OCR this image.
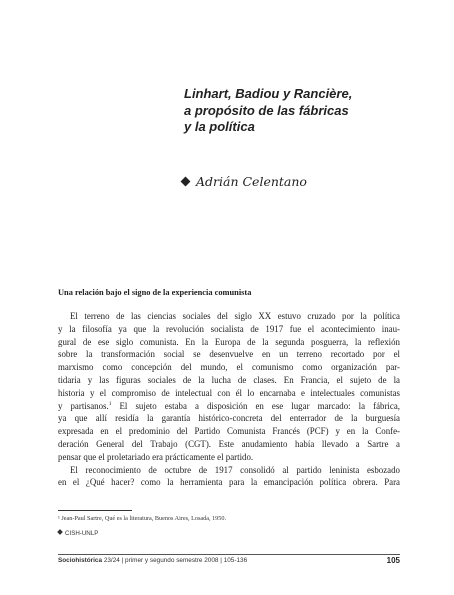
Linhart, Badiou y Rancière,
a propósito de las fábricas
y la política
Adrián Celentano
Una relación bajo el signo de la experiencia comunista
El terreno de las ciencias sociales del siglo XX estuvo cruzado por la política
y la filosofía ya que la revolución socialista de 1917 fue el acontecimiento inau-
gural de ese siglo comunista. En la Europa de la segunda posguerra, la reflexión
sobre la transformación social se desenvuelve en un terreno recortado por el
marxismo como concepción del mundo, el comunismo como organización par-
tidaria y las figuras sociales de la lucha de clases. En Francia, el sujeto de la
historia y el compromiso de intelectual con él lo encarnaba e intelectuales comunistas
y partisanos.$^1$ El sujeto estaba a disposición en ese lugar marcado: la fábrica,
ya que allí residía la garantía histórico-concreta del enterrador de la burguesía
expresada en el predominio del Partido Comunista Francés (PCF) y en la Confe-
deración General del Trabajo (CGT). Este anudamiento había llevado a Sartre a
pensar que el proletariado era prácticamente el partido.
El reconocimiento de octubre de 1917 consolidó al partido leninista esbozado
en el ¿Qué hacer? como la herramienta para la emancipación política obrera. Para
¹ Jean-Paul Sartre, Qué es la literatura, Buenos Aires, Losada, 1950.
CISH-UNLP
Sociohistórica 23/24 | primer y segundo semestre 2008 | 105-136	105
